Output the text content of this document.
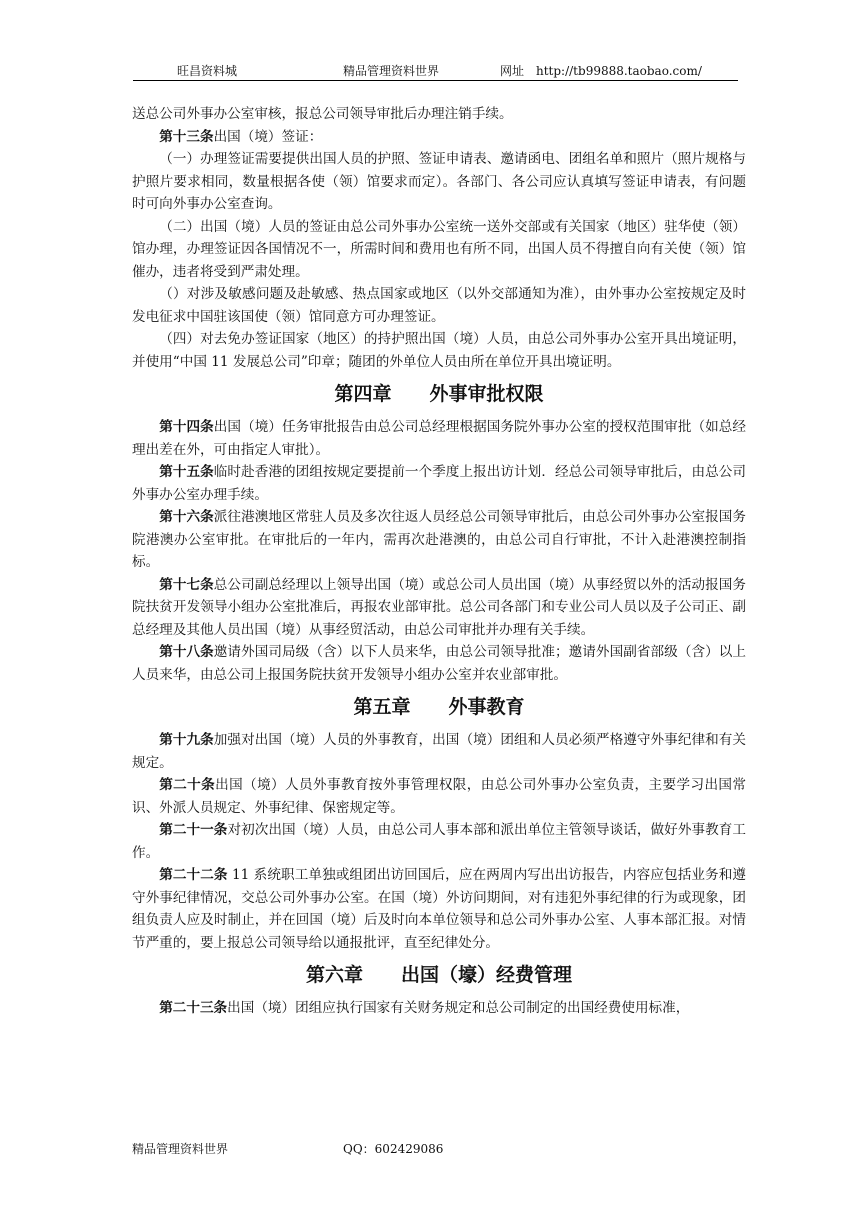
旺昌资料城	精品管理资料世界	网址　http://tb99888.taobao.com/

送总公司外事办公室审核，报总公司领导审批后办理注销手续。

第十三条出国（境）签证：

（一）办理签证需要提供出国人员的护照、签证申请表、邀请函电、团组名单和照片（照片规格与护照片要求相同，数量根据各使（领）馆要求而定）。各部门、各公司应认真填写签证申请表，有问题时可向外事办公室查询。

（二）出国（境）人员的签证由总公司外事办公室统一送外交部或有关国家（地区）驻华使（领）馆办理，办理签证因各国情况不一，所需时间和费用也有所不同，出国人员不得擅自向有关使（领）馆催办，违者将受到严肃处理。

（）对涉及敏感问题及赴敏感、热点国家或地区（以外交部通知为准），由外事办公室按规定及时发电征求中国驻该国使（领）馆同意方可办理签证。

（四）对去免办签证国家（地区）的持护照出国（境）人员，由总公司外事办公室开具出境证明，并使用“中国 11 发展总公司”印章；随团的外单位人员由所在单位开具出境证明。

第四章　　外事审批权限

第十四条出国（境）任务审批报告由总公司总经理根据国务院外事办公室的授权范围审批（如总经理出差在外，可由指定人审批）。

第十五条临时赴香港的团组按规定要提前一个季度上报出访计划．经总公司领导审批后，由总公司外事办公室办理手续。

第十六条派往港澳地区常驻人员及多次往返人员经总公司领导审批后，由总公司外事办公室报国务院港澳办公室审批。在审批后的一年内，需再次赴港澳的，由总公司自行审批，不计入赴港澳控制指标。

第十七条总公司副总经理以上领导出国（境）或总公司人员出国（境）从事经贸以外的活动报国务院扶贫开发领导小组办公室批准后，再报农业部审批。总公司各部门和专业公司人员以及子公司正、副总经理及其他人员出国（境）从事经贸活动，由总公司审批并办理有关手续。

第十八条邀请外国司局级（含）以下人员来华，由总公司领导批准；邀请外国副省部级（含）以上人员来华，由总公司上报国务院扶贫开发领导小组办公室并农业部审批。

第五章　　外事教育

第十九条加强对出国（境）人员的外事教育，出国（境）团组和人员必须严格遵守外事纪律和有关规定。

第二十条出国（境）人员外事教育按外事管理权限，由总公司外事办公室负责，主要学习出国常识、外派人员规定、外事纪律、保密规定等。

第二十一条对初次出国（境）人员，由总公司人事本部和派出单位主管领导谈话，做好外事教育工作。

第二十二条 11 系统职工单独或组团出访回国后，应在两周内写出出访报告，内容应包括业务和遵守外事纪律情况，交总公司外事办公室。在国（境）外访问期间，对有违犯外事纪律的行为或现象，团组负责人应及时制止，并在回国（境）后及时向本单位领导和总公司外事办公室、人事本部汇报。对情节严重的，要上报总公司领导给以通报批评，直至纪律处分。

第六章　　出国（壕）经费管理

第二十三条出国（境）团组应执行国家有关财务规定和总公司制定的出国经费使用标准，

精品管理资料世界	QQ：602429086
